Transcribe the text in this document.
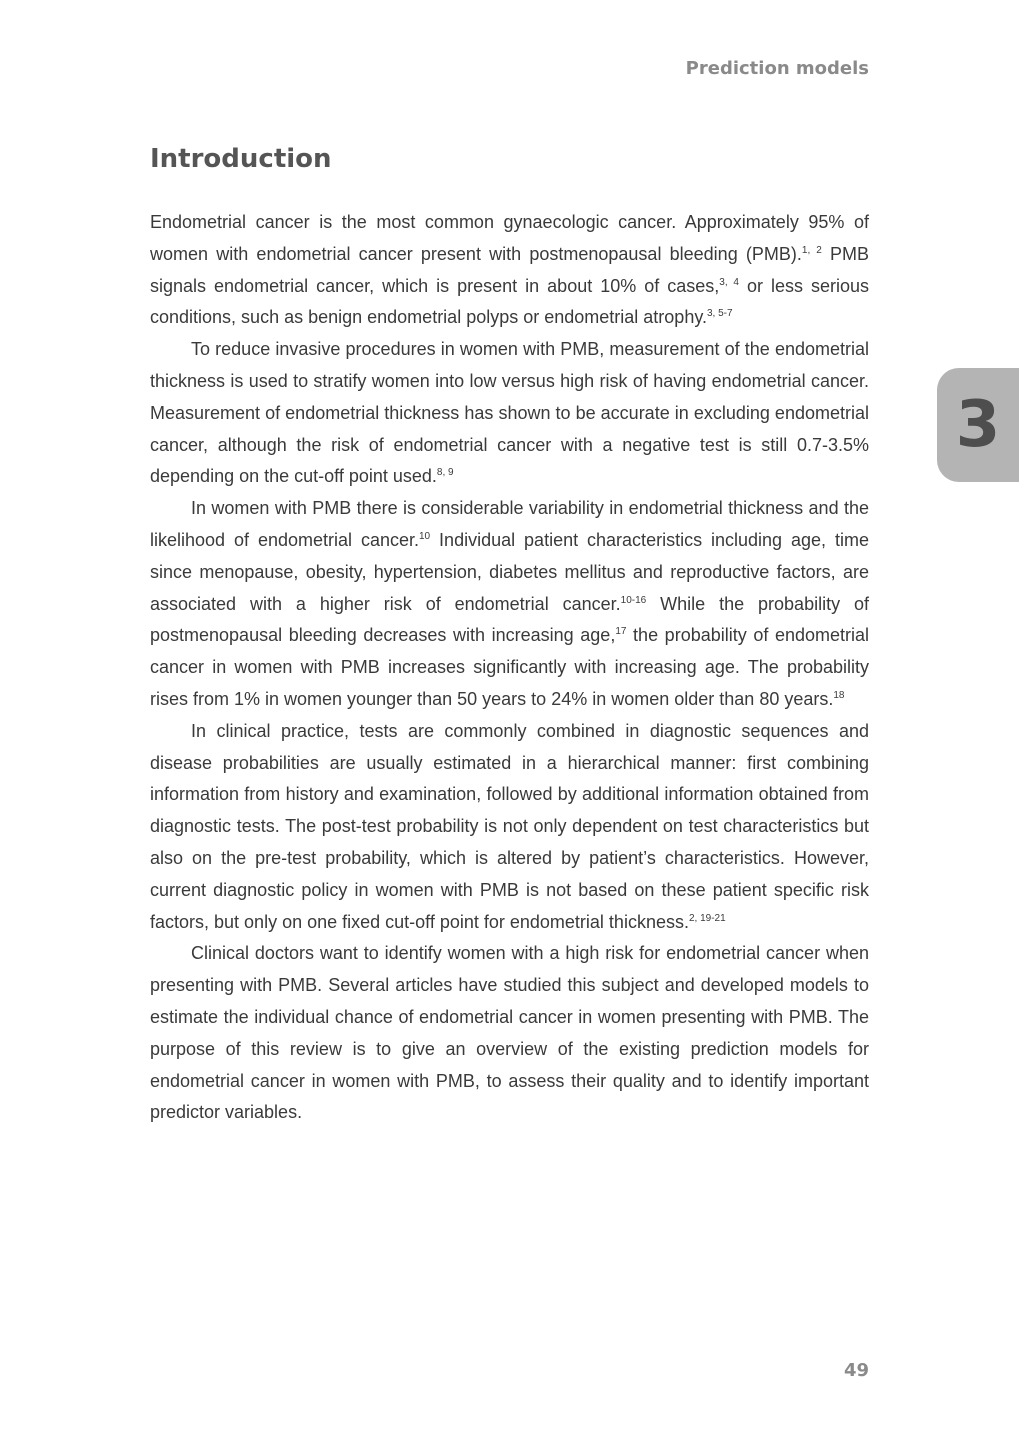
Prediction models
3
Introduction

Endometrial cancer is the most common gynaecologic cancer. Approximately 95% of women with endometrial cancer present with postmenopausal bleeding (PMB).$^{1, 2}$ PMB signals endometrial cancer, which is present in about 10% of cases,$^{3, 4}$ or less serious conditions, such as benign endometrial polyps or endometrial atrophy.$^{3, 5-7}$

To reduce invasive procedures in women with PMB, measurement of the endometrial thickness is used to stratify women into low versus high risk of having endometrial cancer. Measurement of endometrial thickness has shown to be accurate in excluding endometrial cancer, although the risk of endometrial cancer with a negative test is still 0.7-3.5% depending on the cut-off point used.$^{8, 9}$

In women with PMB there is considerable variability in endometrial thickness and the likelihood of endometrial cancer.$^{10}$ Individual patient characteristics including age, time since menopause, obesity, hypertension, diabetes mellitus and reproductive factors, are associated with a higher risk of endometrial cancer.$^{10-16}$ While the probability of postmenopausal bleeding decreases with increasing age,$^{17}$ the probability of endometrial cancer in women with PMB increases significantly with increasing age. The probability rises from 1% in women younger than 50 years to 24% in women older than 80 years.$^{18}$

In clinical practice, tests are commonly combined in diagnostic sequences and disease probabilities are usually estimated in a hierarchical manner: first combining information from history and examination, followed by additional information obtained from diagnostic tests. The post-test probability is not only dependent on test characteristics but also on the pre-test probability, which is altered by patient’s characteristics. However, current diagnostic policy in women with PMB is not based on these patient specific risk factors, but only on one fixed cut-off point for endometrial thickness.$^{2, 19-21}$

Clinical doctors want to identify women with a high risk for endometrial cancer when presenting with PMB. Several articles have studied this subject and developed models to estimate the individual chance of endometrial cancer in women presenting with PMB. The purpose of this review is to give an overview of the existing prediction models for endometrial cancer in women with PMB, to assess their quality and to identify important predictor variables.

49
